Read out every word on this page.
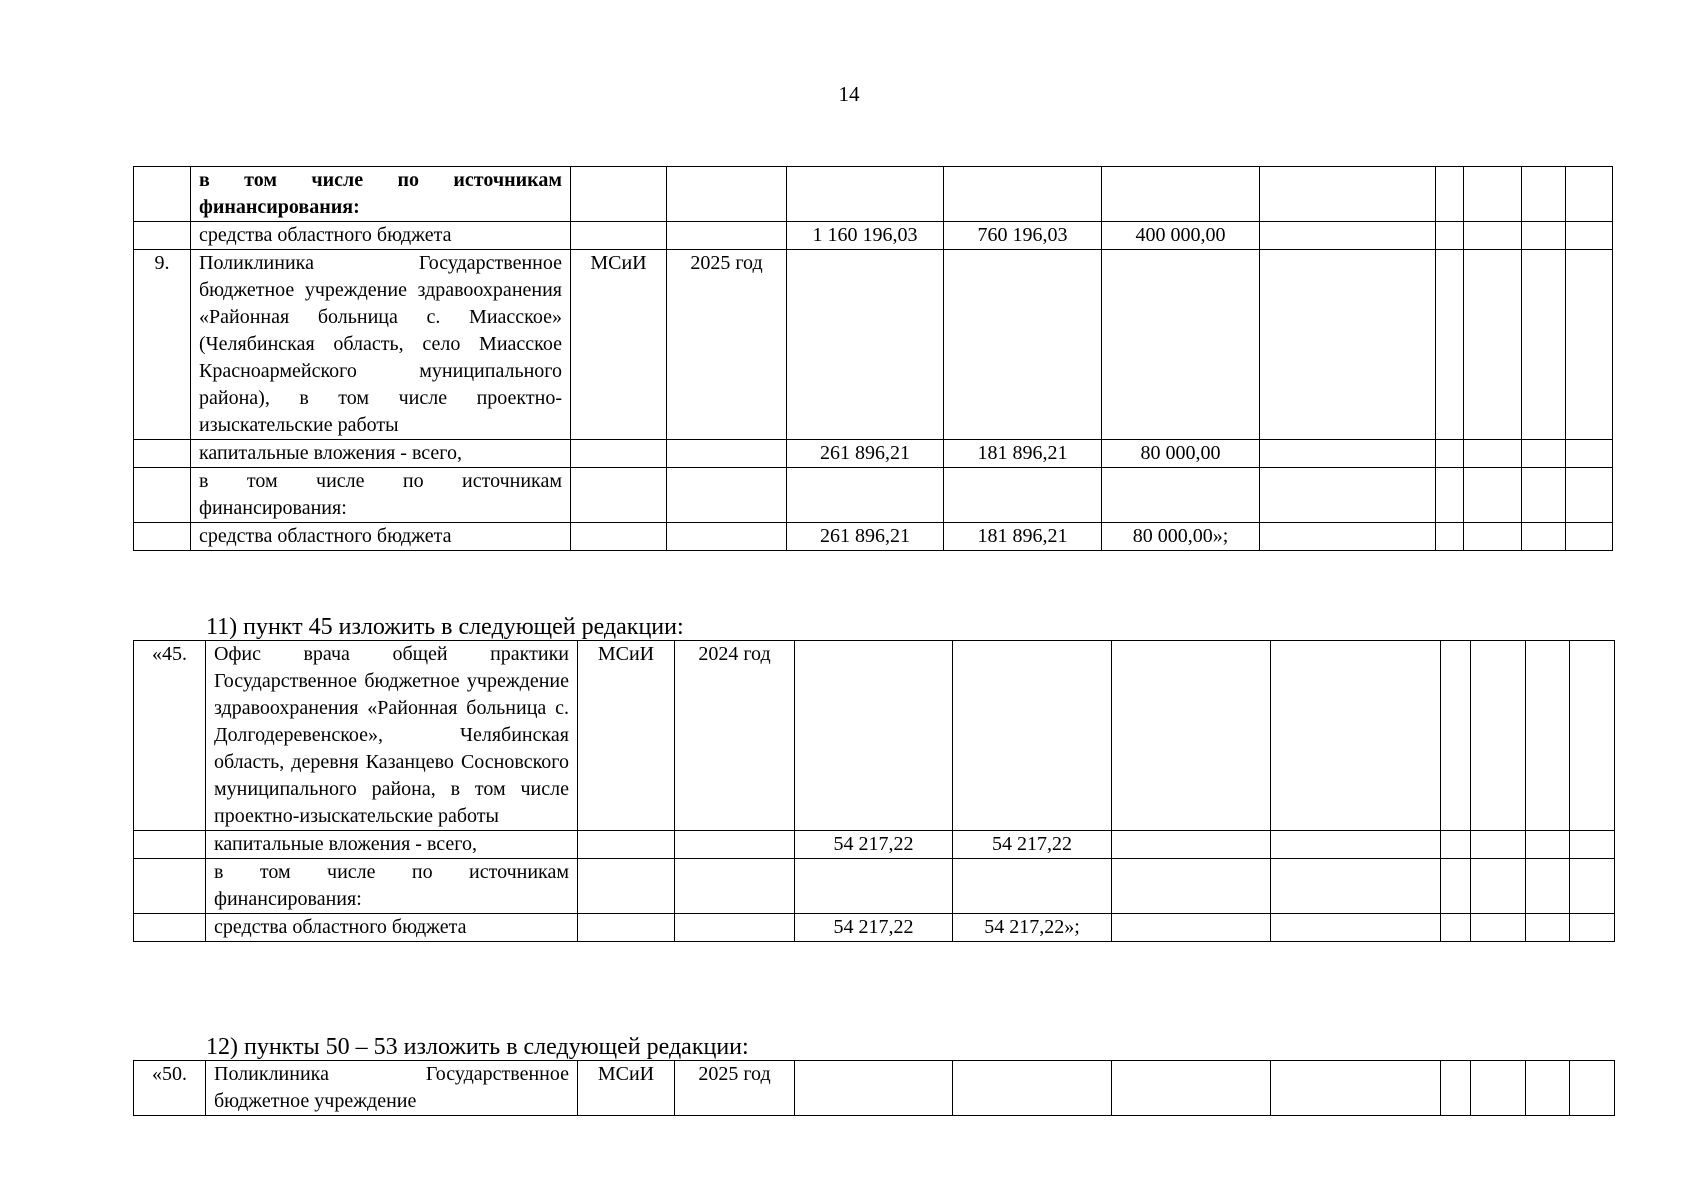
14
	в том числе по источникам финансирования:										
	средства областного бюджета			1 160 196,03	760 196,03	400 000,00					
9.	Поликлиника Государственное бюджетное учреждение здравоохранения «Районная больница с. Миасское» (Челябинская область, село Миасское Красноармейского муниципального района), в том числе проектно-изыскательские работы	МСиИ	2025 год								
	капитальные вложения - всего,			261 896,21	181 896,21	80 000,00					
	в том числе по источникам финансирования:										
	средства областного бюджета			261 896,21	181 896,21	80 000,00»;					
11) пункт 45 изложить в следующей редакции:
«45.	Офис врача общей практики Государственное бюджетное учреждение здравоохранения «Районная больница с. Долгодеревенское», Челябинская область, деревня Казанцево Сосновского муниципального района, в том числе проектно-изыскательские работы	МСиИ	2024 год								
	капитальные вложения - всего,			54 217,22	54 217,22						
	в том числе по источникам финансирования:										
	средства областного бюджета			54 217,22	54 217,22»;						
12) пункты 50 – 53 изложить в следующей редакции:
«50.	Поликлиника Государственное бюджетное учреждение	МСиИ	2025 год								
